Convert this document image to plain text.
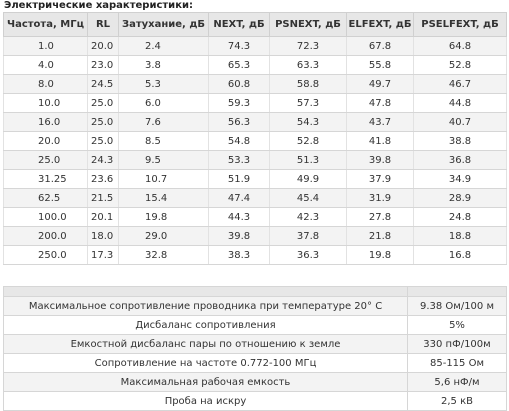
Электрические характеристики:
Частота, МГц	RL	Затухание, дБ	NEXT, дБ	PSNEXT, дБ	ELFEXT, дБ	PSELFEXT, дБ
1.0	20.0	2.4	74.3	72.3	67.8	64.8
4.0	23.0	3.8	65.3	63.3	55.8	52.8
8.0	24.5	5.3	60.8	58.8	49.7	46.7
10.0	25.0	6.0	59.3	57.3	47.8	44.8
16.0	25.0	7.6	56.3	54.3	43.7	40.7
20.0	25.0	8.5	54.8	52.8	41.8	38.8
25.0	24.3	9.5	53.3	51.3	39.8	36.8
31.25	23.6	10.7	51.9	49.9	37.9	34.9
62.5	21.5	15.4	47.4	45.4	31.9	28.9
100.0	20.1	19.8	44.3	42.3	27.8	24.8
200.0	18.0	29.0	39.8	37.8	21.8	18.8
250.0	17.3	32.8	38.3	36.3	19.8	16.8

Максимальное сопротивление проводника при температуре 20° С	9.38 Ом/100 м
Дисбаланс сопротивления	5%
Емкостной дисбаланс пары по отношению к земле	330 пФ/100м
Сопротивление на частоте 0.772-100 МГц	85-115 Ом
Максимальная рабочая емкость	5,6 нФ/м
Проба на искру	2,5 кВ
